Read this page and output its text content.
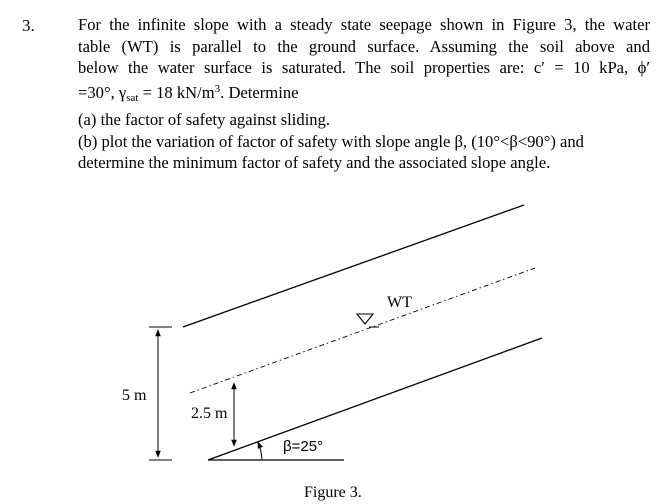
3.	For the infinite slope with a steady state seepage shown in Figure 3, the water
table (WT) is parallel to the ground surface. Assuming the soil above and
below the water surface is saturated. The soil properties are: c′ = 10 kPa, ϕ′
=30°, $\gamma_{sat} = 18$ $kN/m^3$. Determine
(a) the factor of safety against sliding.
(b) plot the variation of factor of safety with slope angle β, (10°<β<90°) and
determine the minimum factor of safety and the associated slope angle.
5 m
2.5 m
β=25°
WT
Figure 3.
